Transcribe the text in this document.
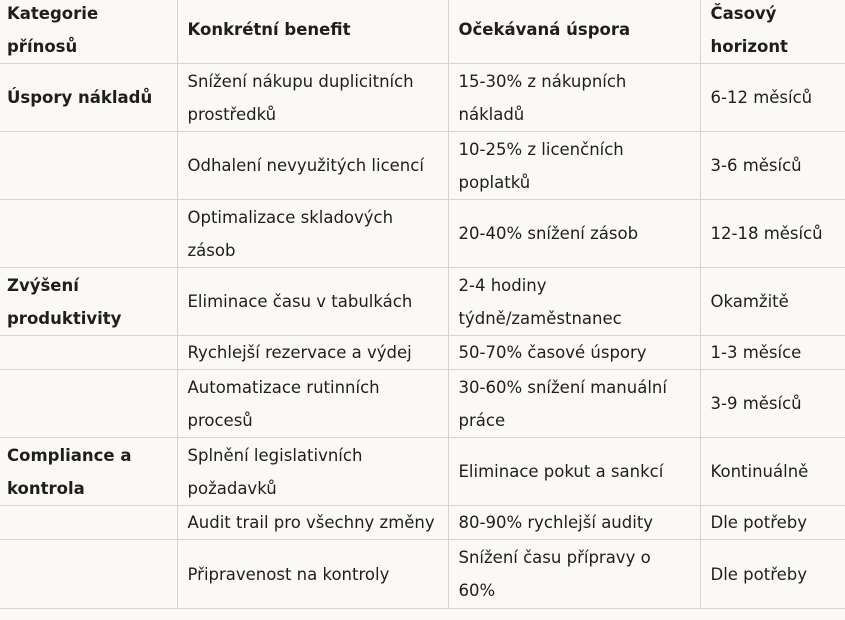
Kategorie přínosů	Konkrétní benefit	Očekávaná úspora	Časový horizont
Úspory nákladů	Snížení nákupu duplicitních prostředků	15-30% z nákupních nákladů	6-12 měsíců
	Odhalení nevyužitých licencí	10-25% z licenčních poplatků	3-6 měsíců
	Optimalizace skladových zásob	20-40% snížení zásob	12-18 měsíců
Zvýšení produktivity	Eliminace času v tabulkách	2-4 hodiny týdně/zaměstnanec	Okamžitě
	Rychlejší rezervace a výdej	50-70% časové úspory	1-3 měsíce
	Automatizace rutinních procesů	30-60% snížení manuální práce	3-9 měsíců
Compliance a kontrola	Splnění legislativních požadavků	Eliminace pokut a sankcí	Kontinuálně
	Audit trail pro všechny změny	80-90% rychlejší audity	Dle potřeby
	Připravenost na kontroly	Snížení času přípravy o 60%	Dle potřeby
